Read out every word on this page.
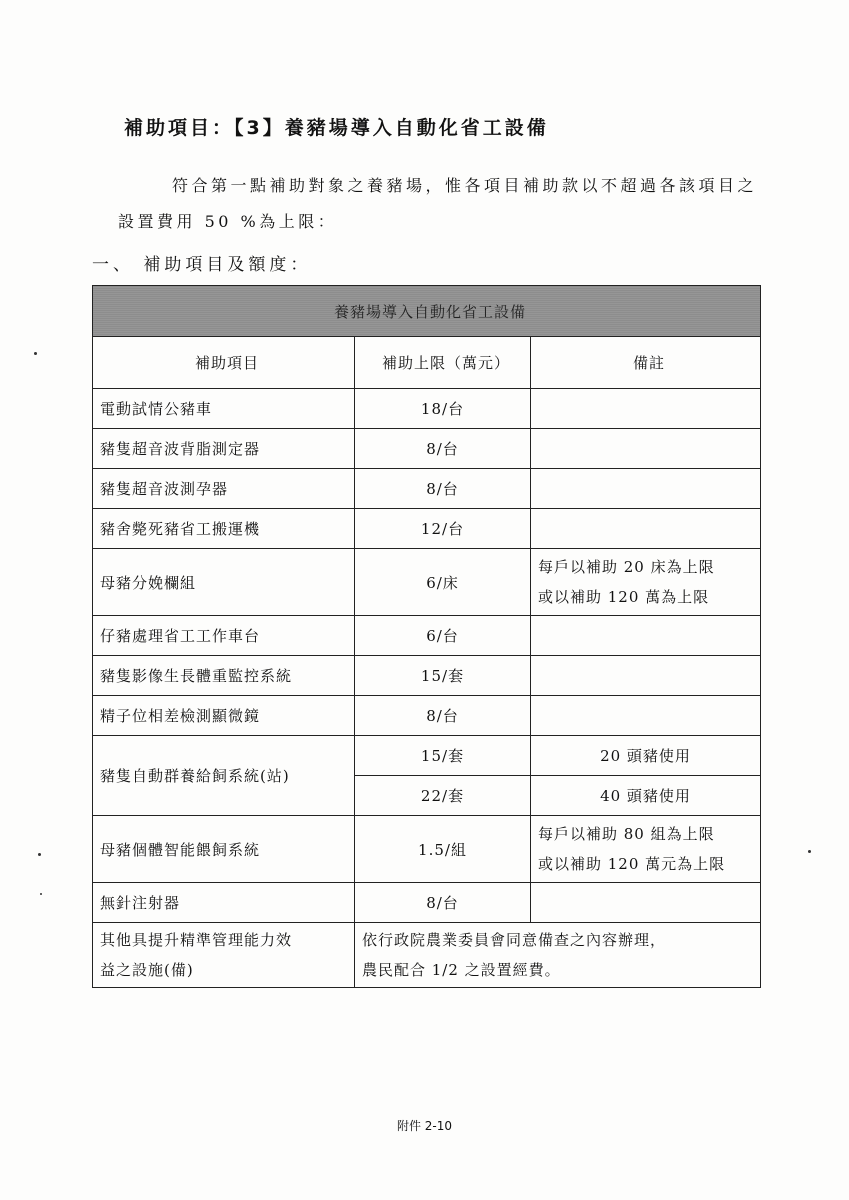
補助項目：【3】養豬場導入自動化省工設備

符合第一點補助對象之養豬場，惟各項目補助款以不超過各該項目之設置費用 50 %為上限：

一、 補助項目及額度：

養豬場導入自動化省工設備		
補助項目	補助上限（萬元）	備註
電動試情公豬車	18/台	
豬隻超音波背脂測定器	8/台	
豬隻超音波測孕器	8/台	
豬舍斃死豬省工搬運機	12/台	
母豬分娩欄組	6/床	每戶以補助 20 床為上限
或以補助 120 萬為上限

仔豬處理省工工作車台	6/台	
豬隻影像生長體重監控系統	15/套	
精子位相差檢測顯微鏡	8/台	
豬隻自動群養給飼系統(站)	15/套	20 頭豬使用
	22/套	40 頭豬使用
母豬個體智能餵飼系統	1.5/組	每戶以補助 80 組為上限
或以補助 120 萬元為上限

無針注射器	8/台	

其他具提升精準管理能力效
益之設施(備)	依行政院農業委員會同意備查之內容辦理，
農民配合 1/2 之設置經費。	

附件 2-10
